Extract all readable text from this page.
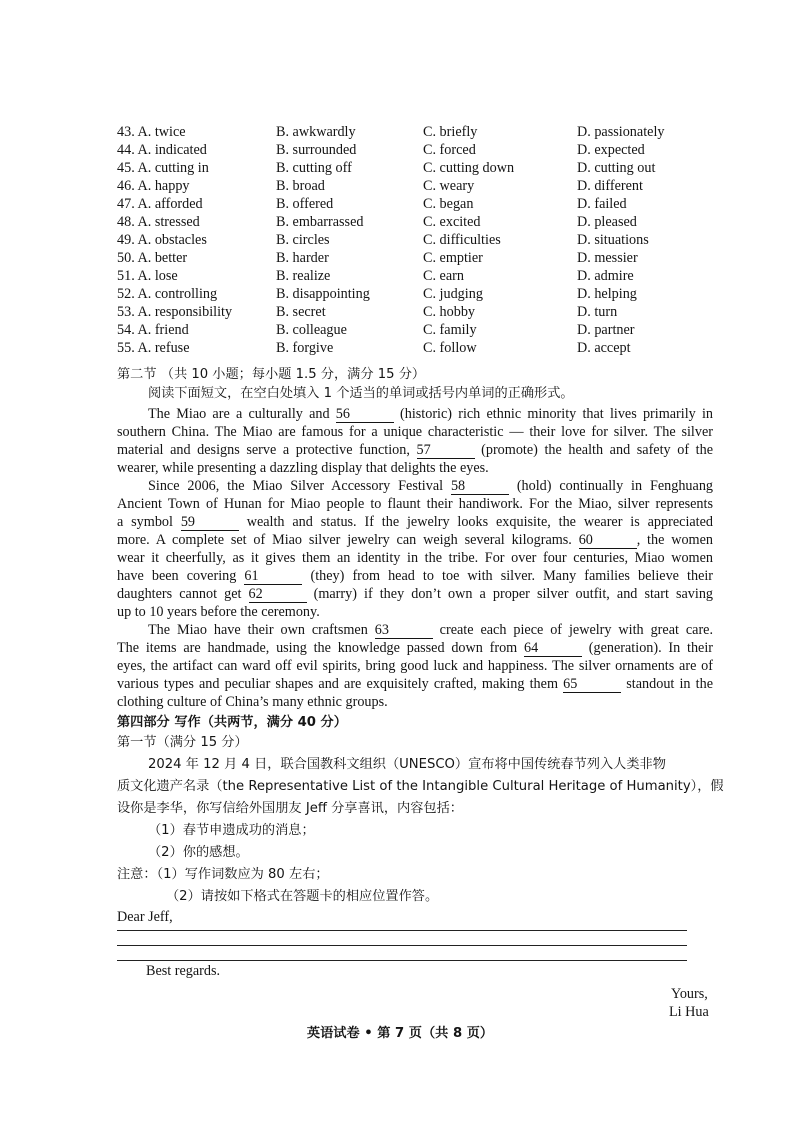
43. A. twice	B. awkwardly	C. briefly	D. passionately
44. A. indicated	B. surrounded	C. forced	D. expected
45. A. cutting in	B. cutting off	C. cutting down	D. cutting out
46. A. happy	B. broad	C. weary	D. different
47. A. afforded	B. offered	C. began	D. failed
48. A. stressed	B. embarrassed	C. excited	D. pleased
49. A. obstacles	B. circles	C. difficulties	D. situations
50. A. better	B. harder	C. emptier	D. messier
51. A. lose	B. realize	C. earn	D. admire
52. A. controlling	B. disappointing	C. judging	D. helping
53. A. responsibility	B. secret	C. hobby	D. turn
54. A. friend	B. colleague	C. family	D. partner
55. A. refuse	B. forgive	C. follow	D. accept
第二节 （共 10 小题；每小题 1.5 分，满分 15 分）
阅读下面短文，在空白处填入 1 个适当的单词或括号内单词的正确形式。
The Miao are a culturally and 56	(historic) rich ethnic minority that lives primarily in
southern China. The Miao are famous for a unique characteristic — their love for silver. The silver
material and designs serve a protective function, 57	(promote) the health and safety of the
wearer, while presenting a dazzling display that delights the eyes.
Since 2006, the Miao Silver Accessory Festival 58	(hold) continually in Fenghuang
Ancient Town of Hunan for Miao people to flaunt their handiwork. For the Miao, silver represents
a symbol 59	wealth and status. If the jewelry looks exquisite, the wearer is appreciated
more. A complete set of Miao silver jewelry can weigh several kilograms. 60	, the women
wear it cheerfully, as it gives them an identity in the tribe. For over four centuries, Miao women
have been covering 61	(they) from head to toe with silver. Many families believe their
daughters cannot get 62	(marry) if they don’t own a proper silver outfit, and start saving
up to 10 years before the ceremony.
The Miao have their own craftsmen 63	create each piece of jewelry with great care.
The items are handmade, using the knowledge passed down from 64	(generation). In their
eyes, the artifact can ward off evil spirits, bring good luck and happiness. The silver ornaments are of
various types and peculiar shapes and are exquisitely crafted, making them 65	standout in the
clothing culture of China’s many ethnic groups.
第四部分 写作（共两节，满分 40 分）
第一节（满分 15 分）
2024 年 12 月 4 日，联合国教科文组织（UNESCO）宣布将中国传统春节列入人类非物
质文化遗产名录（the Representative List of the Intangible Cultural Heritage of Humanity），假
设你是李华，你写信给外国朋友 Jeff 分享喜讯，内容包括：
（1）春节申遗成功的消息；
（2）你的感想。
注意：（1）写作词数应为 80 左右；
（2）请按如下格式在答题卡的相应位置作答。
Dear Jeff,
Best regards.
Yours,
Li Hua
英语试卷 • 第 7 页（共 8 页）
